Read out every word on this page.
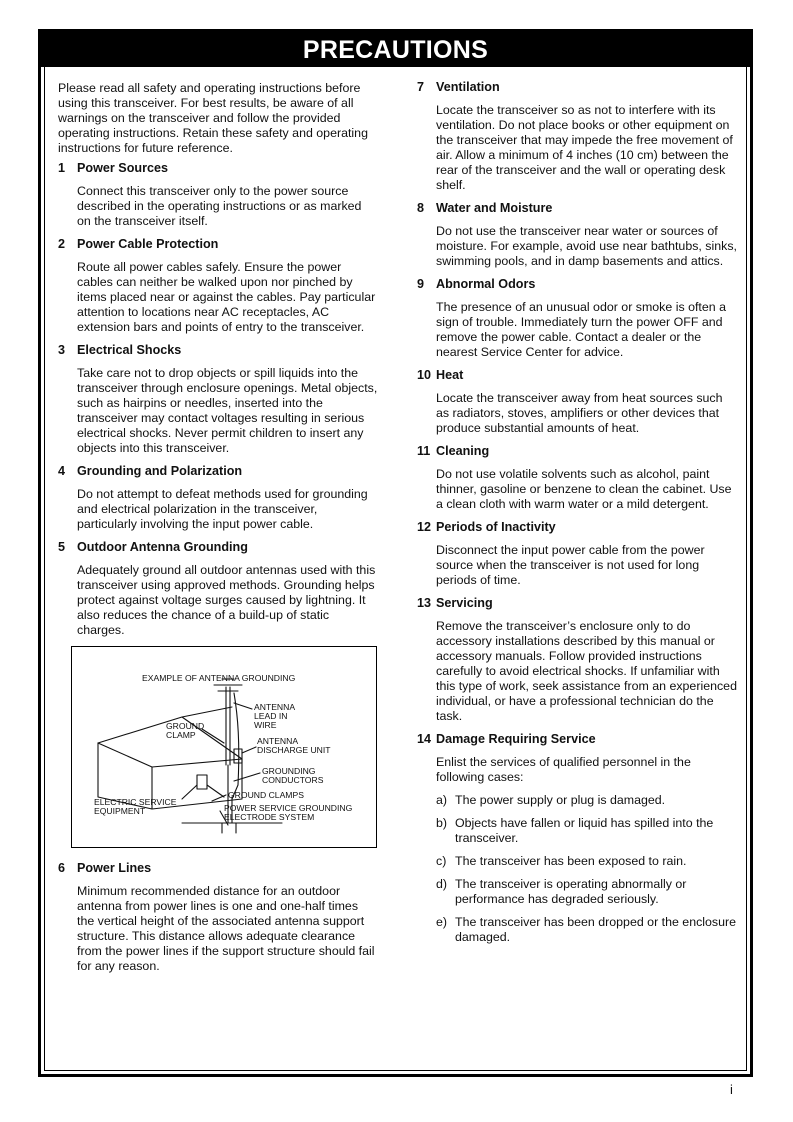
PRECAUTIONS

Please read all safety and operating instructions before using this transceiver. For best results, be aware of all warnings on the transceiver and follow the provided operating instructions. Retain these safety and operating instructions for future reference.

1 Power Sources

Connect this transceiver only to the power source described in the operating instructions or as marked on the transceiver itself.

2 Power Cable Protection

Route all power cables safely. Ensure the power cables can neither be walked upon nor pinched by items placed near or against the cables. Pay particular attention to locations near AC receptacles, AC extension bars and points of entry to the transceiver.

3 Electrical Shocks

Take care not to drop objects or spill liquids into the transceiver through enclosure openings. Metal objects, such as hairpins or needles, inserted into the transceiver may contact voltages resulting in serious electrical shocks. Never permit children to insert any objects into this transceiver.

4 Grounding and Polarization

Do not attempt to defeat methods used for grounding and electrical polarization in the transceiver, particularly involving the input power cable.

5 Outdoor Antenna Grounding

Adequately ground all outdoor antennas used with this transceiver using approved methods. Grounding helps protect against voltage surges caused by lightning. It also reduces the chance of a build-up of static charges.

EXAMPLE OF ANTENNA GROUNDING
ANTENNA
LEAD IN
WIRE
GROUND
CLAMP
ANTENNA
DISCHARGE UNIT
GROUNDING
CONDUCTORS
GROUND CLAMPS
ELECTRIC SERVICE
EQUIPMENT	POWER SERVICE GROUNDING
ELECTRODE SYSTEM
6 Power Lines

Minimum recommended distance for an outdoor antenna from power lines is one and one-half times the vertical height of the associated antenna support structure. This distance allows adequate clearance from the power lines if the support structure should fail for any reason.

7 Ventilation

Locate the transceiver so as not to interfere with its ventilation. Do not place books or other equipment on the transceiver that may impede the free movement of air. Allow a minimum of 4 inches (10 cm) between the rear of the transceiver and the wall or operating desk shelf.

8 Water and Moisture

Do not use the transceiver near water or sources of moisture. For example, avoid use near bathtubs, sinks, swimming pools, and in damp basements and attics.

9 Abnormal Odors

The presence of an unusual odor or smoke is often a sign of trouble. Immediately turn the power OFF and remove the power cable. Contact a dealer or the nearest Service Center for advice.

10 Heat

Locate the transceiver away from heat sources such as radiators, stoves, amplifiers or other devices that produce substantial amounts of heat.

11 Cleaning

Do not use volatile solvents such as alcohol, paint thinner, gasoline or benzene to clean the cabinet. Use a clean cloth with warm water or a mild detergent.

12 Periods of Inactivity

Disconnect the input power cable from the power source when the transceiver is not used for long periods of time.

13 Servicing

Remove the transceiver’s enclosure only to do accessory installations described by this manual or accessory manuals. Follow provided instructions carefully to avoid electrical shocks. If unfamiliar with this type of work, seek assistance from an experienced individual, or have a professional technician do the task.

14 Damage Requiring Service

Enlist the services of qualified personnel in the following cases:

a) The power supply or plug is damaged.
b) Objects have fallen or liquid has spilled into the transceiver.
c) The transceiver has been exposed to rain.
d) The transceiver is operating abnormally or performance has degraded seriously.
e) The transceiver has been dropped or the enclosure damaged.
i
